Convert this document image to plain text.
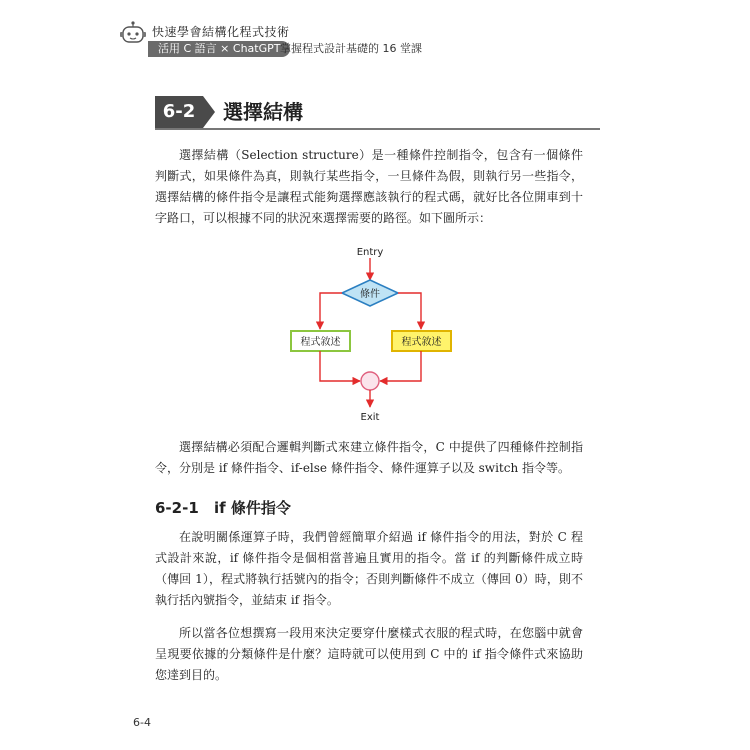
快速學會結構化程式技術
活用 C 語言 × ChatGPT 掌握程式設計基礎的 16 堂課
6-2	選擇結構

選擇結構（Selection structure）是一種條件控制指令，包含有一個條件判斷式，如果條件為真，則執行某些指令，一旦條件為假，則執行另一些指令，選擇結構的條件指令是讓程式能夠選擇應該執行的程式碼，就好比各位開車到十字路口，可以根據不同的狀況來選擇需要的路徑。如下圖所示：

Entry
條件
程式敘述	程式敘述
Exit

選擇結構必須配合邏輯判斷式來建立條件指令，C 中提供了四種條件控制指令，分別是 if 條件指令、if-else 條件指令、條件運算子以及 switch 指令等。

6-2-1 if 條件指令

在說明關係運算子時，我們曾經簡單介紹過 if 條件指令的用法，對於 C 程式設計來說，if 條件指令是個相當普遍且實用的指令。當 if 的判斷條件成立時（傳回 1），程式將執行括號內的指令；否則判斷條件不成立（傳回 0）時，則不執行括內號指令，並結束 if 指令。

所以當各位想撰寫一段用來決定要穿什麼樣式衣服的程式時，在您腦中就會呈現要依據的分類條件是什麼？這時就可以使用到 C 中的 if 指令條件式來協助您達到目的。

6-4
